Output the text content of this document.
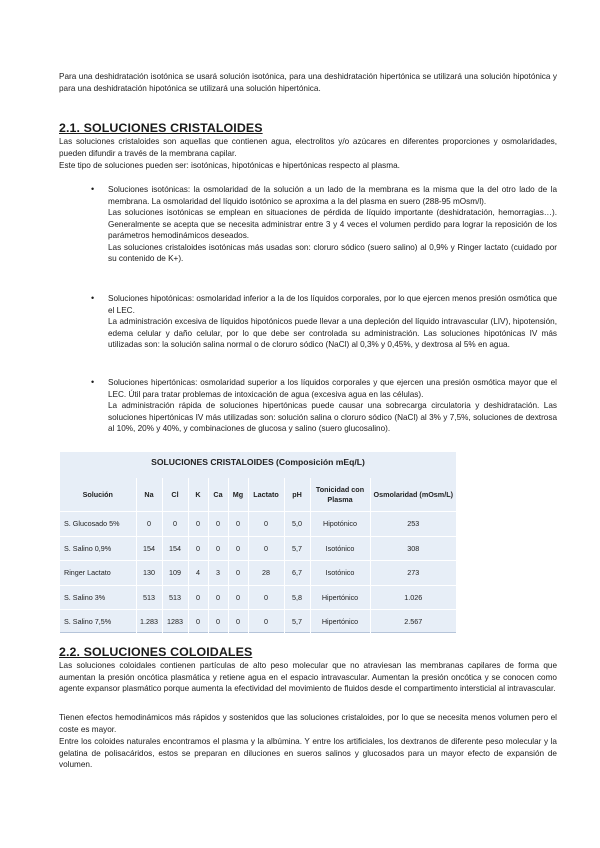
Para una deshidratación isotónica se usará solución isotónica, para una deshidratación hipertónica se utilizará una solución hipotónica y para una deshidratación hipotónica se utilizará una solución hipertónica.

2.1. SOLUCIONES CRISTALOIDES

Las soluciones cristaloides son aquellas que contienen agua, electrolitos y/o azúcares en diferentes proporciones y osmolaridades, pueden difundir a través de la membrana capilar.

Este tipo de soluciones pueden ser: isotónicas, hipotónicas e hipertónicas respecto al plasma.

• Soluciones isotónicas: la osmolaridad de la solución a un lado de la membrana es la misma que la del otro lado de la membrana. La osmolaridad del líquido isotónico se aproxima a la del plasma en suero (288-95 mOsm/l).

Las soluciones isotónicas se emplean en situaciones de pérdida de líquido importante (deshidratación, hemorragias…). Generalmente se acepta que se necesita administrar entre 3 y 4 veces el volumen perdido para lograr la reposición de los parámetros hemodinámicos deseados.

Las soluciones cristaloides isotónicas más usadas son: cloruro sódico (suero salino) al 0,9% y Ringer lactato (cuidado por su contenido de K+).

• Soluciones hipotónicas: osmolaridad inferior a la de los líquidos corporales, por lo que ejercen menos presión osmótica que el LEC.

La administración excesiva de líquidos hipotónicos puede llevar a una depleción del líquido intravascular (LIV), hipotensión, edema celular y daño celular, por lo que debe ser controlada su administración. Las soluciones hipotónicas IV más utilizadas son: la solución salina normal o de cloruro sódico (NaCl) al 0,3% y 0,45%, y dextrosa al 5% en agua.

• Soluciones hipertónicas: osmolaridad superior a los líquidos corporales y que ejercen una presión osmótica mayor que el LEC. Útil para tratar problemas de intoxicación de agua (excesiva agua en las células).

La administración rápida de soluciones hipertónicas puede causar una sobrecarga circulatoria y deshidratación. Las soluciones hipertónicas IV más utilizadas son: solución salina o cloruro sódico (NaCl) al 3% y 7,5%, soluciones de dextrosa al 10%, 20% y 40%, y combinaciones de glucosa y salino (suero glucosalino).

SOLUCIONES CRISTALOIDES (Composición mEq/L)
Solución	Na	Cl	K	Ca	Mg	Lactato	pH	Tonicidad con Plasma	Osmolaridad (mOsm/L)
S. Glucosado 5%	0	0	0	0	0	0	5,0	Hipotónico	253
S. Salino 0,9%	154	154	0	0	0	0	5,7	Isotónico	308
Ringer Lactato	130	109	4	3	0	28	6,7	Isotónico	273
S. Salino 3%	513	513	0	0	0	0	5,8	Hipertónico	1.026
S. Salino 7,5%	1.283	1283	0	0	0	0	5,7	Hipertónico	2.567
2.2. SOLUCIONES COLOIDALES

Las soluciones coloidales contienen partículas de alto peso molecular que no atraviesan las membranas capilares de forma que aumentan la presión oncótica plasmática y retiene agua en el espacio intravascular. Aumentan la presión oncótica y se conocen como agente expansor plasmático porque aumenta la efectividad del movimiento de fluidos desde el compartimento intersticial al intravascular.

Tienen efectos hemodinámicos más rápidos y sostenidos que las soluciones cristaloides, por lo que se necesita menos volumen pero el coste es mayor.

Entre los coloides naturales encontramos el plasma y la albúmina. Y entre los artificiales, los dextranos de diferente peso molecular y la gelatina de polisacáridos, estos se preparan en diluciones en sueros salinos y glucosados para un mayor efecto de expansión de volumen.
